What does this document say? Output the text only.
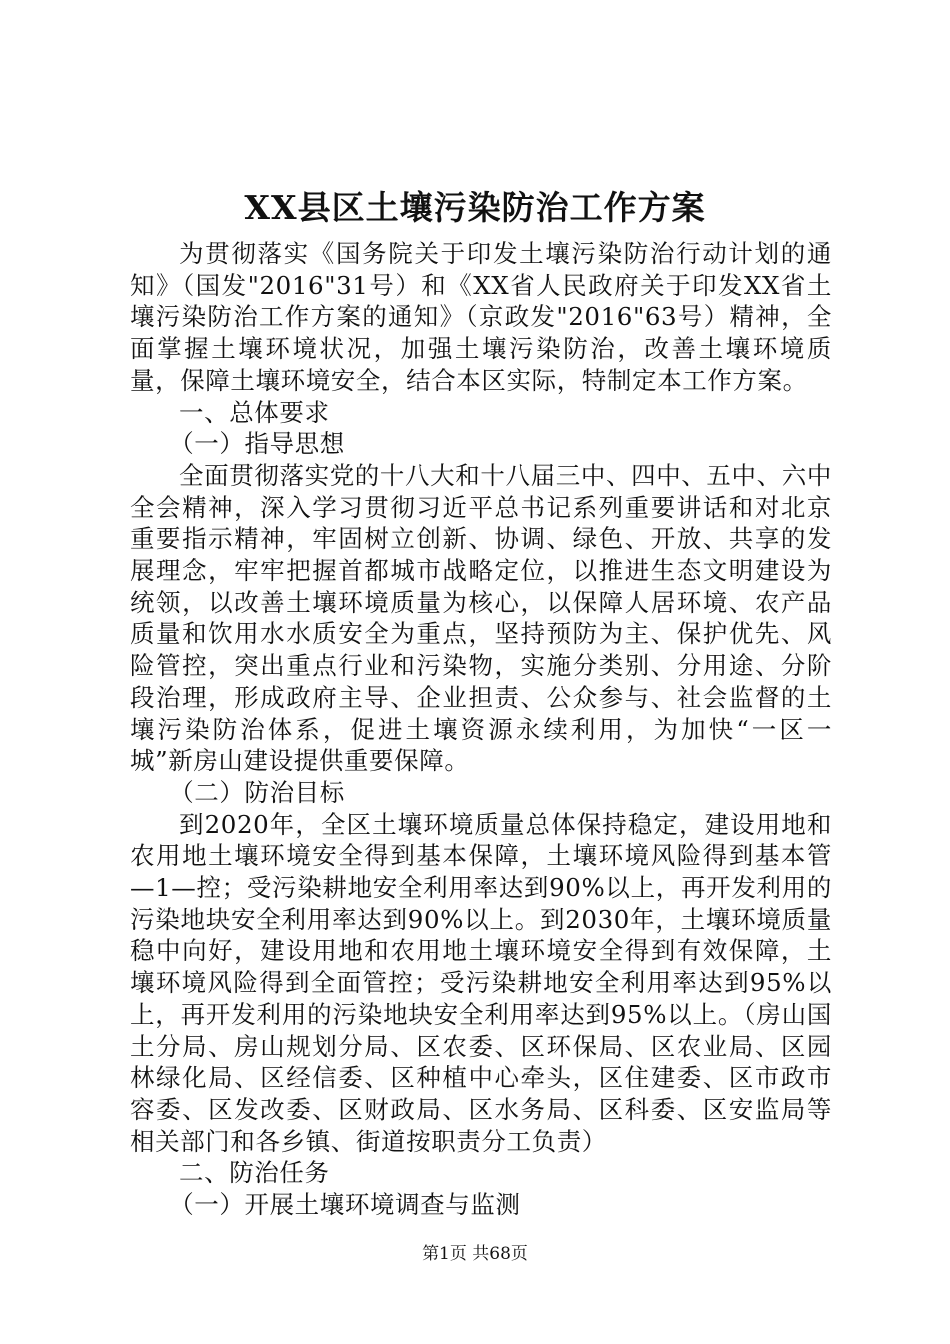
XX县区土壤污染防治工作方案

为贯彻落实《国务院关于印发土壤污染防治行动计划的通知》（国发"2016"31号）和《XX省人民政府关于印发XX省土壤污染防治工作方案的通知》（京政发"2016"63号）精神，全面掌握土壤环境状况，加强土壤污染防治，改善土壤环境质量，保障土壤环境安全，结合本区实际，特制定本工作方案。

一、总体要求

（一）指导思想

全面贯彻落实党的十八大和十八届三中、四中、五中、六中全会精神，深入学习贯彻习近平总书记系列重要讲话和对北京重要指示精神，牢固树立创新、协调、绿色、开放、共享的发展理念，牢牢把握首都城市战略定位，以推进生态文明建设为统领，以改善土壤环境质量为核心，以保障人居环境、农产品质量和饮用水水质安全为重点，坚持预防为主、保护优先、风险管控，突出重点行业和污染物，实施分类别、分用途、分阶段治理，形成政府主导、企业担责、公众参与、社会监督的土壤污染防治体系，促进土壤资源永续利用，为加快“一区一城”新房山建设提供重要保障。

（二）防治目标

到2020年，全区土壤环境质量总体保持稳定，建设用地和农用地土壤环境安全得到基本保障，土壤环境风险得到基本管—1—控；受污染耕地安全利用率达到90%以上，再开发利用的污染地块安全利用率达到90%以上。到2030年，土壤环境质量稳中向好，建设用地和农用地土壤环境安全得到有效保障，土壤环境风险得到全面管控；受污染耕地安全利用率达到95%以上，再开发利用的污染地块安全利用率达到95%以上。（房山国土分局、房山规划分局、区农委、区环保局、区农业局、区园林绿化局、区经信委、区种植中心牵头，区住建委、区市政市容委、区发改委、区财政局、区水务局、区科委、区安监局等相关部门和各乡镇、街道按职责分工负责）

二、防治任务

（一）开展土壤环境调查与监测

第1页 共68页
